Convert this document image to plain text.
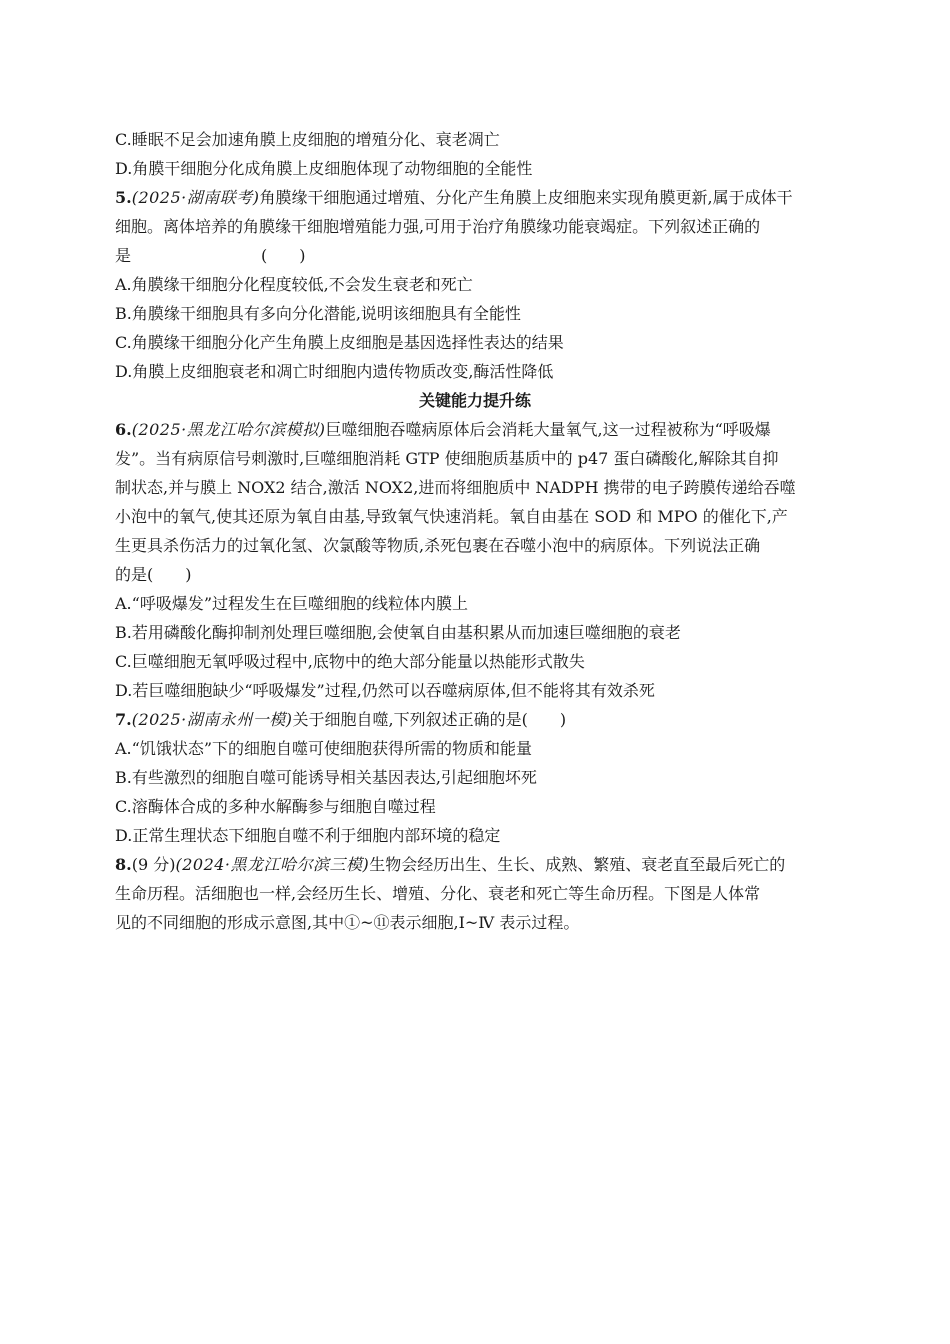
C.睡眠不足会加速角膜上皮细胞的增殖分化、衰老凋亡

D.角膜干细胞分化成角膜上皮细胞体现了动物细胞的全能性

5.(2025·湖南联考)角膜缘干细胞通过增殖、分化产生角膜上皮细胞来实现角膜更新,属于成体干

细胞。离体培养的角膜缘干细胞增殖能力强,可用于治疗角膜缘功能衰竭症。下列叙述正确的

是	(　　)

A.角膜缘干细胞分化程度较低,不会发生衰老和死亡

B.角膜缘干细胞具有多向分化潜能,说明该细胞具有全能性

C.角膜缘干细胞分化产生角膜上皮细胞是基因选择性表达的结果

D.角膜上皮细胞衰老和凋亡时细胞内遗传物质改变,酶活性降低

关键能力提升练

6.(2025·黑龙江哈尔滨模拟)巨噬细胞吞噬病原体后会消耗大量氧气,这一过程被称为“呼吸爆

发”。当有病原信号刺激时,巨噬细胞消耗 GTP 使细胞质基质中的 p47 蛋白磷酸化,解除其自抑

制状态,并与膜上 NOX2 结合,激活 NOX2,进而将细胞质中 NADPH 携带的电子跨膜传递给吞噬

小泡中的氧气,使其还原为氧自由基,导致氧气快速消耗。氧自由基在 SOD 和 MPO 的催化下,产

生更具杀伤活力的过氧化氢、次氯酸等物质,杀死包裹在吞噬小泡中的病原体。下列说法正确

的是(　　)

A.“呼吸爆发”过程发生在巨噬细胞的线粒体内膜上

B.若用磷酸化酶抑制剂处理巨噬细胞,会使氧自由基积累从而加速巨噬细胞的衰老

C.巨噬细胞无氧呼吸过程中,底物中的绝大部分能量以热能形式散失

D.若巨噬细胞缺少“呼吸爆发”过程,仍然可以吞噬病原体,但不能将其有效杀死

7.(2025·湖南永州一模)关于细胞自噬,下列叙述正确的是(　　)

A.“饥饿状态”下的细胞自噬可使细胞获得所需的物质和能量

B.有些激烈的细胞自噬可能诱导相关基因表达,引起细胞坏死

C.溶酶体合成的多种水解酶参与细胞自噬过程

D.正常生理状态下细胞自噬不利于细胞内部环境的稳定

8.(9 分)(2024·黑龙江哈尔滨三模)生物会经历出生、生长、成熟、繁殖、衰老直至最后死亡的

生命历程。活细胞也一样,会经历生长、增殖、分化、衰老和死亡等生命历程。下图是人体常

见的不同细胞的形成示意图,其中①~⑪表示细胞,Ⅰ~Ⅳ 表示过程。
